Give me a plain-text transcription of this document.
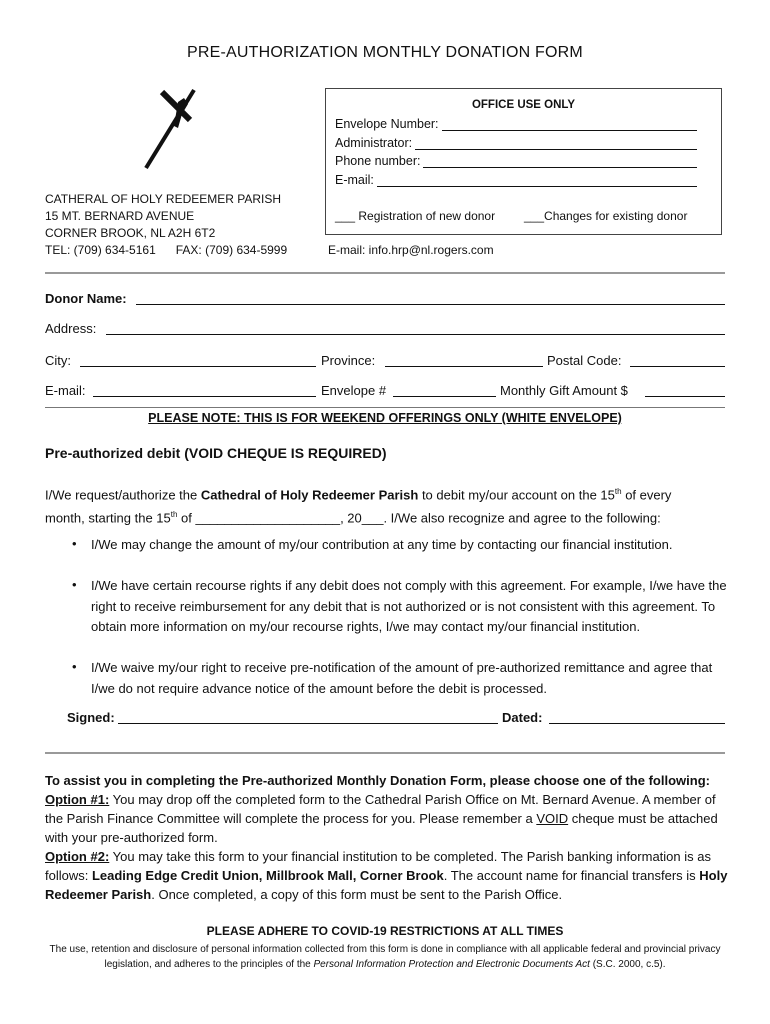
PRE-AUTHORIZATION MONTHLY DONATION FORM
OFFICE USE ONLY
Envelope Number:
Administrator:
Phone number:
E-mail:
___ Registration of new donor ___Changes for existing donor
CATHERAL OF HOLY REDEEMER PARISH
15 MT. BERNARD AVENUE
CORNER BROOK, NL A2H 6T2
TEL: (709) 634-5161 FAX: (709) 634-5999	E-mail: info.hrp@nl.rogers.com
Donor Name:
Address:
City:	Province:	Postal Code:
E-mail:	Envelope #	Monthly Gift Amount $
PLEASE NOTE: THIS IS FOR WEEKEND OFFERINGS ONLY (WHITE ENVELOPE)
Pre-authorized debit (VOID CHEQUE IS REQUIRED)
I/We request/authorize the Cathedral of Holy Redeemer Parish to debit my/our account on the 15th of every
month, starting the 15th of ____________________, 20___. I/We also recognize and agree to the following:
• I/We may change the amount of my/our contribution at any time by contacting our financial institution.
• I/We have certain recourse rights if any debit does not comply with this agreement. For example, I/we have the right to receive reimbursement for any debit that is not authorized or is not consistent with this agreement. To obtain more information on my/our recourse rights, I/we may contact my/our financial institution.
• I/We waive my/our right to receive pre-notification of the amount of pre-authorized remittance and agree that I/we do not require advance notice of the amount before the debit is processed.
Signed:	Dated:
To assist you in completing the Pre-authorized Monthly Donation Form, please choose one of the following:
Option #1: You may drop off the completed form to the Cathedral Parish Office on Mt. Bernard Avenue. A member of the Parish Finance Committee will complete the process for you. Please remember a VOID cheque must be attached with your pre-authorized form.
Option #2: You may take this form to your financial institution to be completed. The Parish banking information is as follows: Leading Edge Credit Union, Millbrook Mall, Corner Brook. The account name for financial transfers is Holy Redeemer Parish. Once completed, a copy of this form must be sent to the Parish Office.
PLEASE ADHERE TO COVID-19 RESTRICTIONS AT ALL TIMES
The use, retention and disclosure of personal information collected from this form is done in compliance with all applicable federal and provincial privacy legislation, and adheres to the principles of the Personal Information Protection and Electronic Documents Act (S.C. 2000, c.5).
